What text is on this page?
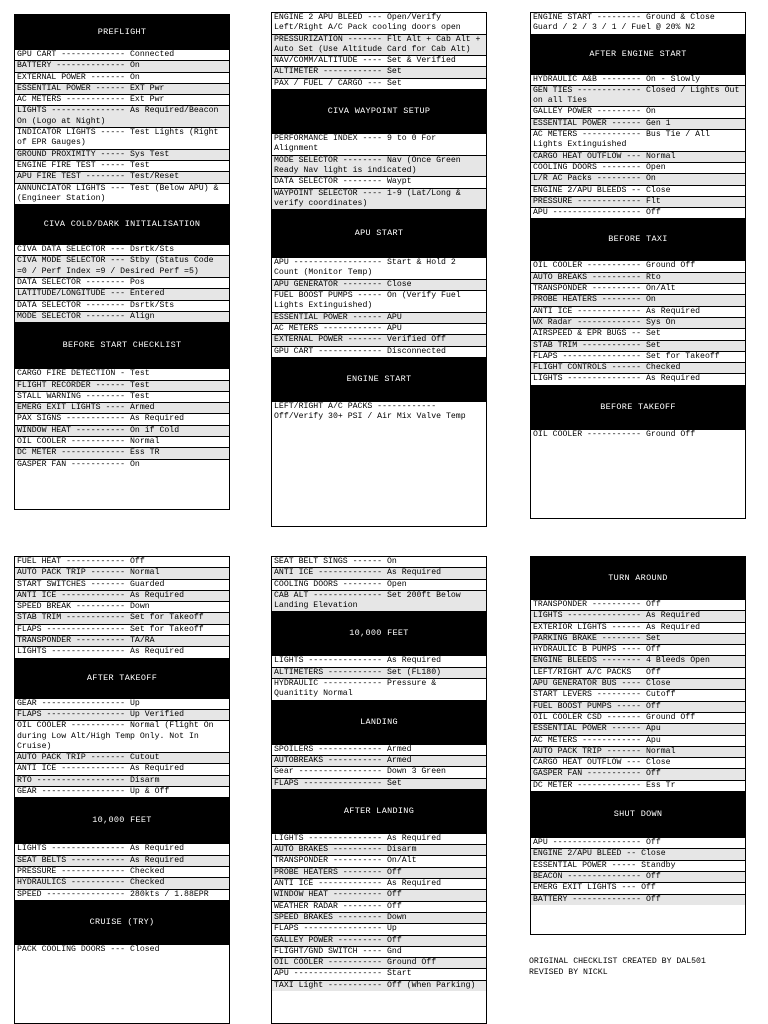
PREFLIGHT
GPU CART ------------- Connected
BATTERY -------------- On
EXTERNAL POWER ------- On
ESSENTIAL POWER ------ EXT Pwr
AC METERS ------------ Ext Pwr
LIGHTS --------------- As Required/Beacon On (Logo at Night)
INDICATOR LIGHTS ----- Test Lights (Right of EPR Gauges)
GROUND PROXIMITY ----- Sys Test
ENGINE FIRE TEST ----- Test
APU FIRE TEST -------- Test/Reset
ANNUNCIATOR LIGHTS --- Test (Below APU) & (Engineer Station)
CIVA COLD/DARK INITIALISATION
CIVA DATA SELECTOR --- Dsrtk/Sts
CIVA MODE SELECTOR --- Stby (Status Code =0 / Perf Index =9 / Desired Perf =5)
DATA SELECTOR -------- Pos
LATITUDE/LONGITUDE --- Entered
DATA SELECTOR -------- Dsrtk/Sts
MODE SELECTOR -------- Align
BEFORE START CHECKLIST
CARGO FIRE DETECTION - Test
FLIGHT RECORDER ------ Test
STALL WARNING -------- Test
EMERG EXIT LIGHTS ---- Armed
PAX SIGNS ------------ As Required
WINDOW HEAT ---------- On if Cold
OIL COOLER ----------- Normal
DC METER ------------- Ess TR
GASPER FAN ----------- On
ENGINE 2 APU BLEED --- Open/Verify Left/Right A/C Pack cooling doors open
PRESSURIZATION ------- Flt Alt + Cab Alt + Auto Set (Use Altitude Card for Cab Alt)
NAV/COMM/ALTITUDE ---- Set & Verified
ALTIMETER ------------ Set
PAX / FUEL / CARGO --- Set
CIVA WAYPOINT SETUP
PERFORMANCE INDEX ---- 9 to 0 For Alignment
MODE SELECTOR -------- Nav (Once Green Ready Nav light is indicated)
DATA SELECTOR -------- Waypt
WAYPOINT SELECTOR ---- 1-9 (Lat/Long & verify coordinates)
APU START
APU ------------------ Start & Hold 2 Count (Monitor Temp)
APU GENERATOR -------- Close
FUEL BOOST PUMPS ----- On (Verify Fuel Lights Extinguished)
ESSENTIAL POWER ------ APU
AC METERS ------------ APU
EXTERNAL POWER ------- Verified Off
GPU CART ------------- Disconnected
ENGINE START
LEFT/RIGHT A/C PACKS ------------ Off/Verify 30+ PSI / Air Mix Valve Temp
ENGINE START --------- Ground & Close Guard / 2 / 3 / 1 / Fuel @ 20% N2
AFTER ENGINE START
HYDRAULIC A&B -------- On - Slowly
GEN TIES ------------- Closed / Lights Out on all Ties
GALLEY POWER --------- On
ESSENTIAL POWER ------ Gen 1
AC METERS ------------ Bus Tie / All Lights Extinguished
CARGO HEAT OUTFLOW --- Normal
COOLING DOORS -------- Open
L/R AC Packs --------- On
ENGINE 2/APU BLEEDS -- Close
PRESSURE ------------- Flt
APU ------------------ Off
BEFORE TAXI
OIL COOLER ----------- Ground Off
AUTO BREAKS ---------- Rto
TRANSPONDER ---------- On/Alt
PROBE HEATERS -------- On
ANTI ICE ------------- As Required
WX Radar ------------- Sys On
AIRSPEED & EPR BUGS -- Set
STAB TRIM ------------ Set
FLAPS ---------------- Set for Takeoff
FLIGHT CONTROLS ------ Checked
LIGHTS --------------- As Required
BEFORE TAKEOFF
OIL COOLER ----------- Ground Off
FUEL HEAT ------------ Off
AUTO PACK TRIP ------- Normal
START SWITCHES ------- Guarded
ANTI ICE ------------- As Required
SPEED BREAK ---------- Down
STAB TRIM ------------ Set for Takeoff
FLAPS ---------------- Set for Takeoff
TRANSPONDER ---------- TA/RA
LIGHTS --------------- As Required
AFTER TAKEOFF
GEAR ----------------- Up
FLAPS ---------------- Up Verified
OIL COOLER ----------- Normal (Flight On during Low Alt/High Temp Only. Not In Cruise)
AUTO PACK TRIP ------- Cutout
ANTI ICE ------------- As Required
RTO ------------------ Disarm
GEAR ----------------- Up & Off
10,000 FEET
LIGHTS --------------- As Required
SEAT BELTS ----------- As Required
PRESSURE ------------- Checked
HYDRAULICS ----------- Checked
SPEED ---------------- 280kts / 1.88EPR
CRUISE (TRY)
PACK COOLING DOORS --- Closed
SEAT BELT SINGS ------ On
ANTI ICE ------------- As Required
COOLING DOORS -------- Open
CAB ALT -------------- Set 200ft Below Landing Elevation
10,000 FEET
LIGHTS --------------- As Required
ALTIMETERS ----------- Set (FL180)
HYDRAULIC ------------ Pressure & Quanitity Normal
LANDING
SPOILERS ------------- Armed
AUTOBREAKS ----------- Armed
Gear ----------------- Down 3 Green
FLAPS ---------------- Set
AFTER LANDING
LIGHTS --------------- As Required
AUTO BRAKES ---------- Disarm
TRANSPONDER ---------- On/Alt
PROBE HEATERS -------- Off
ANTI ICE ------------- As Required
WINDOW HEAT ---------- Off
WEATHER RADAR -------- Off
SPEED BRAKES --------- Down
FLAPS ---------------- Up
GALLEY POWER --------- Off
FLIGHT/GND SWITCH ---- Gnd
OIL COOLER ----------- Ground Off
APU ------------------ Start
TAXI Light ----------- Off (When Parking)
TURN AROUND
TRANSPONDER ---------- Off
LIGHTS --------------- As Required
EXTERIOR LIGHTS ------ As Required
PARKING BRAKE -------- Set
HYDRAULIC B PUMPS ---- Off
ENGINE BLEEDS -------- 4 Bleeds Open
LEFT/RIGHT A/C PACKS   Off
APU GENERATOR BUS ---- Close
START LEVERS --------- Cutoff
FUEL BOOST PUMPS ----- Off
OIL COOLER CSD ------- Ground Off
ESSENTIAL POWER ------ Apu
AC METERS ------------ Apu
AUTO PACK TRIP ------- Normal
CARGO HEAT OUTFLOW --- Close
GASPER FAN ----------- Off
DC METER ------------- Ess Tr
SHUT DOWN
APU ------------------ Off
ENGINE 2/APU BLEED -- Close
ESSENTIAL POWER ----- Standby
BEACON --------------- Off
EMERG EXIT LIGHTS --- Off
BATTERY -------------- Off
ORIGINAL CHECKLIST CREATED BY DAL501
REVISED BY NICKL
